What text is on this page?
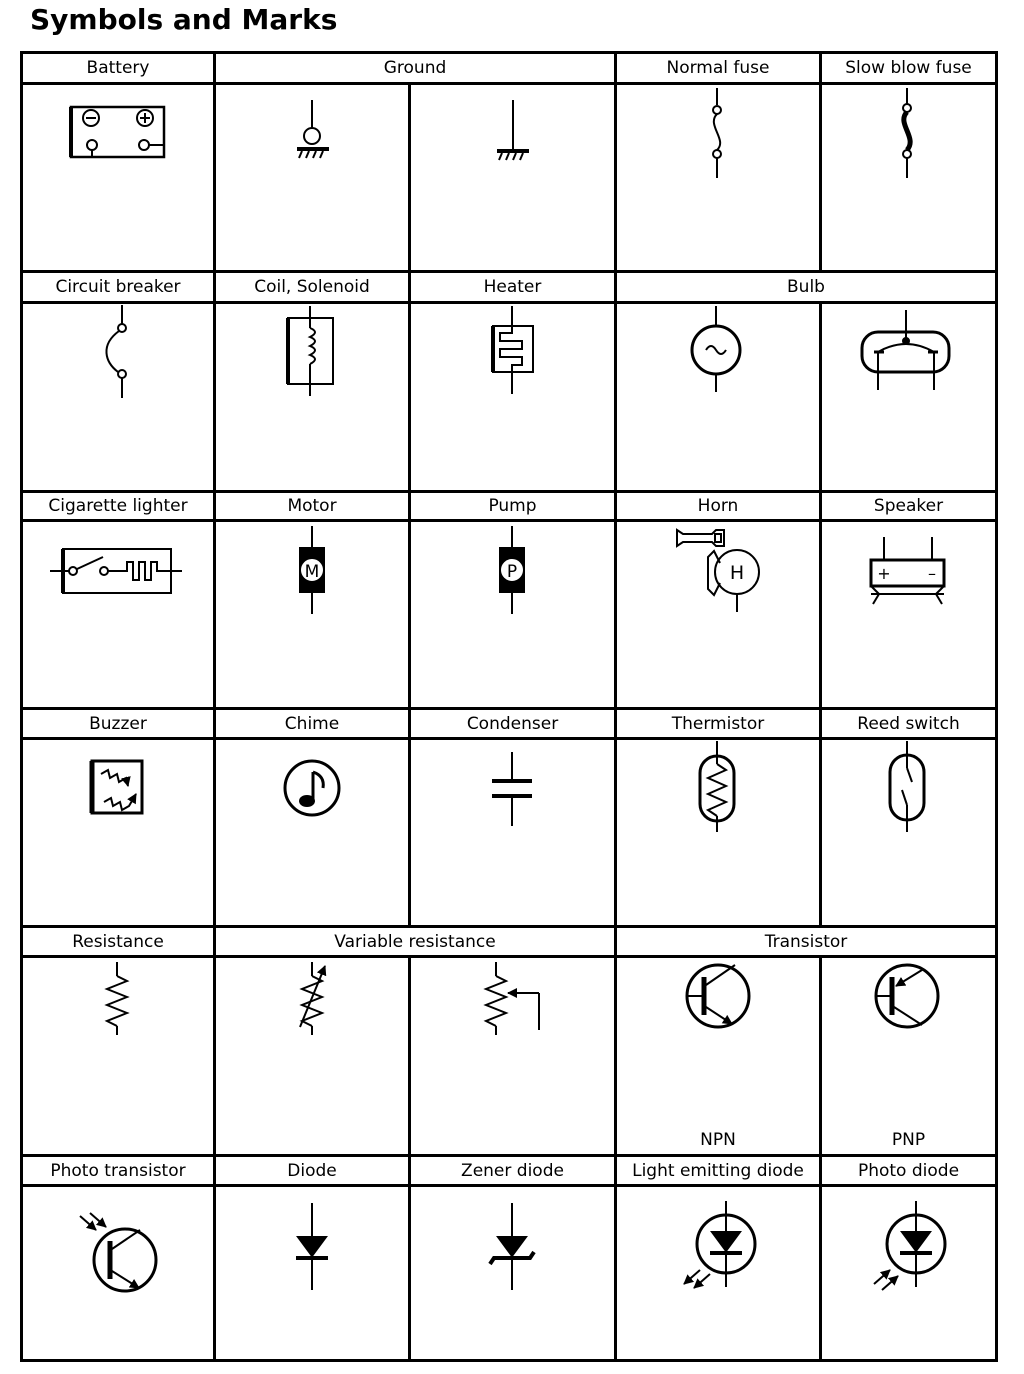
Symbols and Marks
Battery	Ground	Normal fuse	Slow blow fuse
Circuit breaker	Coil, Solenoid	Heater	Bulb
Cigarette lighter	Motor	Pump	Horn	Speaker
Buzzer	Chime	Condenser	Thermistor	Reed switch
Resistance	Variable resistance	Transistor
NPN	PNP
Photo transistor	Diode	Zener diode	Light emitting diode	Photo diode
M	P	H	+ –
